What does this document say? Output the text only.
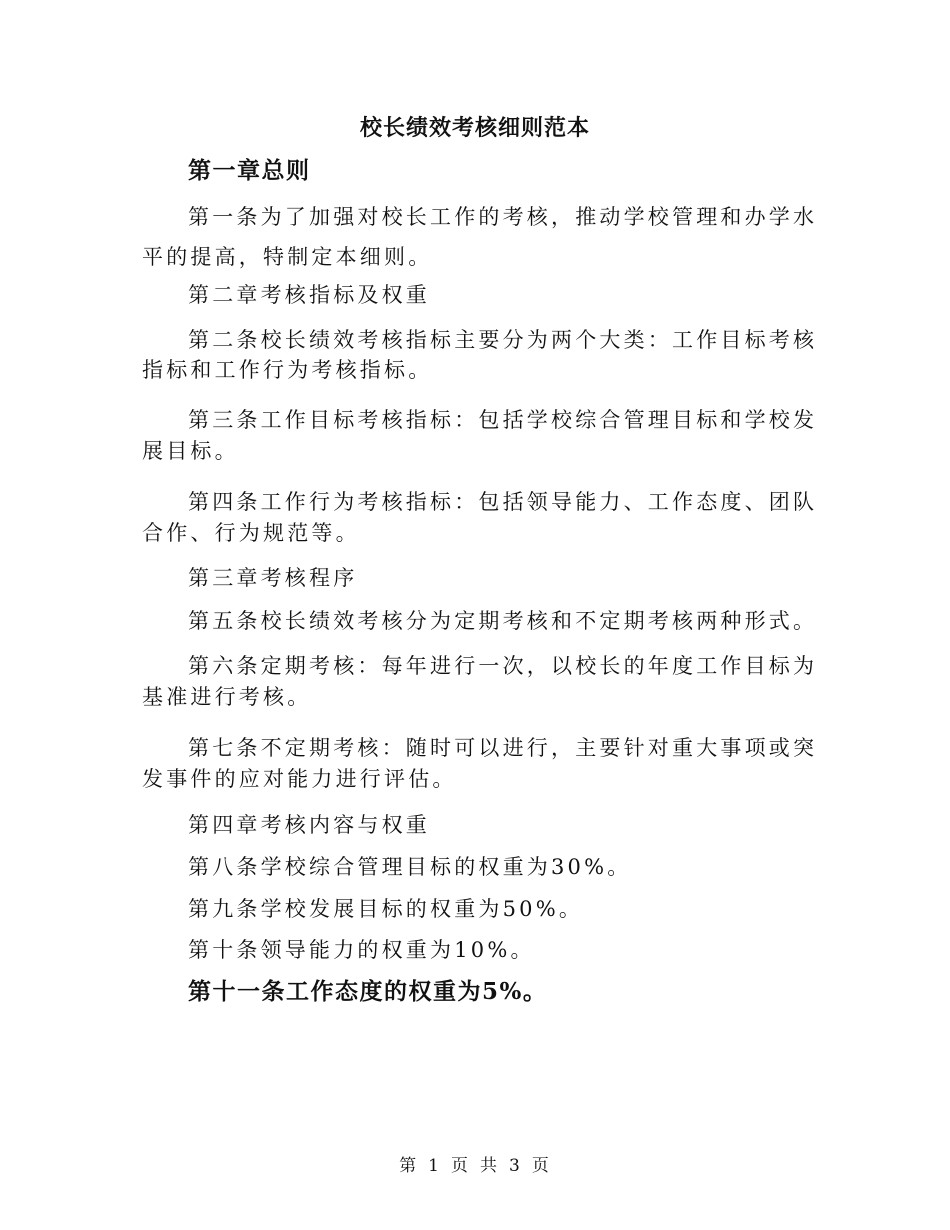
校长绩效考核细则范本
第一章总则
第一条为了加强对校长工作的考核，推动学校管理和办学水
平的提高，特制定本细则。
第二章考核指标及权重
第二条校长绩效考核指标主要分为两个大类：工作目标考核
指标和工作行为考核指标。
第三条工作目标考核指标：包括学校综合管理目标和学校发
展目标。
第四条工作行为考核指标：包括领导能力、工作态度、团队
合作、行为规范等。
第三章考核程序
第五条校长绩效考核分为定期考核和不定期考核两种形式。
第六条定期考核：每年进行一次，以校长的年度工作目标为
基准进行考核。
第七条不定期考核：随时可以进行，主要针对重大事项或突
发事件的应对能力进行评估。
第四章考核内容与权重
第八条学校综合管理目标的权重为30%。
第九条学校发展目标的权重为50%。
第十条领导能力的权重为10%。
第十一条工作态度的权重为5%。
第 1 页 共 3 页
